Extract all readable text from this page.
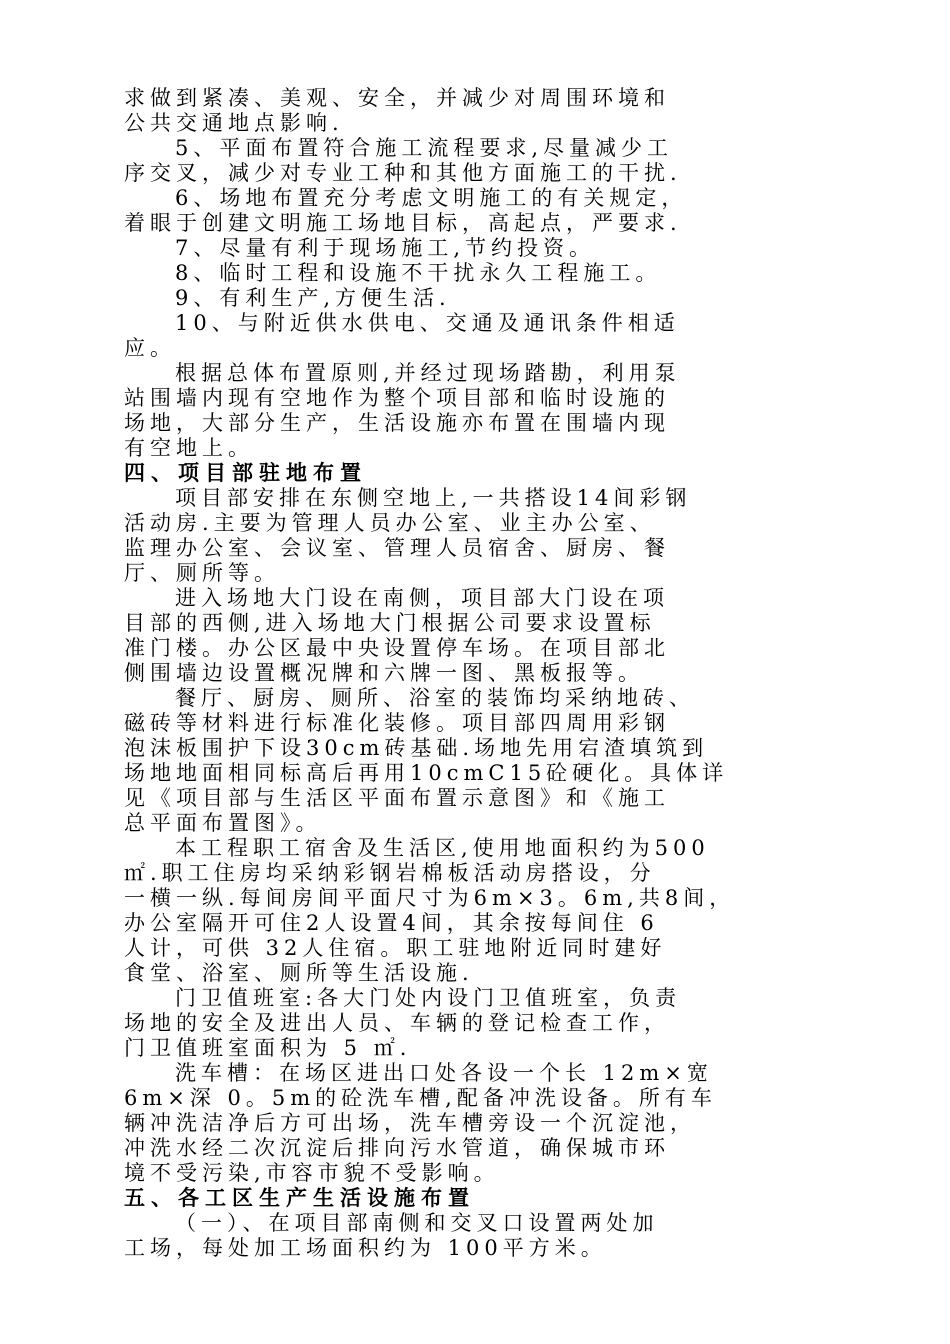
求做到紧凑、美观、安全，并减少对周围环境和
公共交通地点影响.
5、平面布置符合施工流程要求,尽量减少工
序交叉，减少对专业工种和其他方面施工的干扰.
6、场地布置充分考虑文明施工的有关规定，
着眼于创建文明施工场地目标，高起点，严要求.
7、尽量有利于现场施工,节约投资。
8、临时工程和设施不干扰永久工程施工。
9、有利生产,方便生活.
10、与附近供水供电、交通及通讯条件相适
应。
根据总体布置原则,并经过现场踏勘，利用泵
站围墙内现有空地作为整个项目部和临时设施的
场地，大部分生产，生活设施亦布置在围墙内现
有空地上。
四、项目部驻地布置
项目部安排在东侧空地上,一共搭设14间彩钢
活动房.主要为管理人员办公室、业主办公室、
监理办公室、会议室、管理人员宿舍、厨房、餐
厅、厕所等。
进入场地大门设在南侧，项目部大门设在项
目部的西侧,进入场地大门根据公司要求设置标
准门楼。办公区最中央设置停车场。在项目部北
侧围墙边设置概况牌和六牌一图、黑板报等。
餐厅、厨房、厕所、浴室的装饰均采纳地砖、
磁砖等材料进行标准化装修。项目部四周用彩钢
泡沫板围护下设30cm砖基础.场地先用宕渣填筑到
场地地面相同标高后再用10cmC15砼硬化。具体详
见《项目部与生活区平面布置示意图》和《施工
总平面布置图》。
本工程职工宿舍及生活区,使用地面积约为500
㎡.职工住房均采纳彩钢岩棉板活动房搭设，分
一横一纵.每间房间平面尺寸为6m×3。6m,共8间，
办公室隔开可住2人设置4间，其余按每间住 6
人计，可供 32人住宿。职工驻地附近同时建好
食堂、浴室、厕所等生活设施.
门卫值班室:各大门处内设门卫值班室，负责
场地的安全及进出人员、车辆的登记检查工作，
门卫值班室面积为 5 ㎡.
洗车槽：在场区进出口处各设一个长 12m×宽
6m×深 0。5m的砼洗车槽,配备冲洗设备。所有车
辆冲洗洁净后方可出场，洗车槽旁设一个沉淀池，
冲洗水经二次沉淀后排向污水管道，确保城市环
境不受污染,市容市貌不受影响。
五、各工区生产生活设施布置
（一）、在项目部南侧和交叉口设置两处加
工场，每处加工场面积约为 100平方米。
